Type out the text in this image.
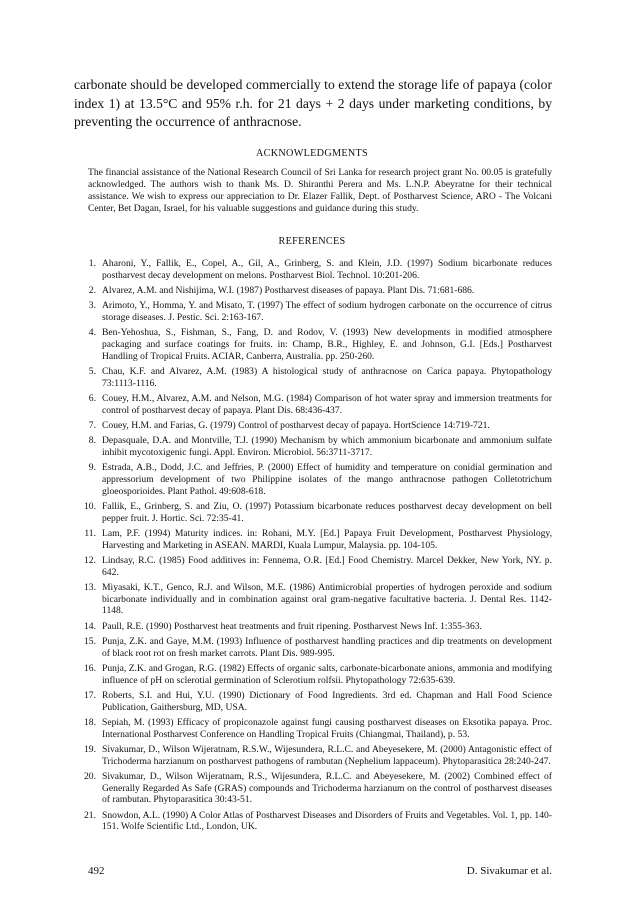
carbonate should be developed commercially to extend the storage life of papaya (color index 1) at 13.5°C and 95% r.h. for 21 days + 2 days under marketing conditions, by preventing the occurrence of anthracnose.

ACKNOWLEDGMENTS

The financial assistance of the National Research Council of Sri Lanka for research project grant No. 00.05 is gratefully acknowledged. The authors wish to thank Ms. D. Shiranthi Perera and Ms. L.N.P. Abeyratne for their technical assistance. We wish to express our appreciation to Dr. Elazer Fallik, Dept. of Postharvest Science, ARO - The Volcani Center, Bet Dagan, Israel, for his valuable suggestions and guidance during this study.

REFERENCES

1. Aharoni, Y., Fallik, E., Copel, A., Gil, A., Grinberg, S. and Klein, J.D. (1997) Sodium bicarbonate reduces postharvest decay development on melons. Postharvest Biol. Technol. 10:201-206.
2. Alvarez, A.M. and Nishijima, W.I. (1987) Postharvest diseases of papaya. Plant Dis. 71:681-686.
3. Arimoto, Y., Homma, Y. and Misato, T. (1997) The effect of sodium hydrogen carbonate on the occurrence of citrus storage diseases. J. Pestic. Sci. 2:163-167.
4. Ben-Yehoshua, S., Fishman, S., Fang, D. and Rodov, V. (1993) New developments in modified atmosphere packaging and surface coatings for fruits. in: Champ, B.R., Highley, E. and Johnson, G.I. [Eds.] Postharvest Handling of Tropical Fruits. ACIAR, Canberra, Australia. pp. 250-260.
5. Chau, K.F. and Alvarez, A.M. (1983) A histological study of anthracnose on Carica papaya. Phytopathology 73:1113-1116.
6. Couey, H.M., Alvarez, A.M. and Nelson, M.G. (1984) Comparison of hot water spray and immersion treatments for control of postharvest decay of papaya. Plant Dis. 68:436-437.
7. Couey, H.M. and Farias, G. (1979) Control of postharvest decay of papaya. HortScience 14:719-721.
8. Depasquale, D.A. and Montville, T.J. (1990) Mechanism by which ammonium bicarbonate and ammonium sulfate inhibit mycotoxigenic fungi. Appl. Environ. Microbiol. 56:3711-3717.
9. Estrada, A.B., Dodd, J.C. and Jeffries, P. (2000) Effect of humidity and temperature on conidial germination and appressorium development of two Philippine isolates of the mango anthracnose pathogen Colletotrichum gloeosporioides. Plant Pathol. 49:608-618.
10. Fallik, E., Grinberg, S. and Ziu, O. (1997) Potassium bicarbonate reduces postharvest decay development on bell pepper fruit. J. Hortic. Sci. 72:35-41.
11. Lam, P.F. (1994) Maturity indices. in: Rohani, M.Y. [Ed.] Papaya Fruit Development, Postharvest Physiology, Harvesting and Marketing in ASEAN. MARDI, Kuala Lumpur, Malaysia. pp. 104-105.
12. Lindsay, R.C. (1985) Food additives in: Fennema, O.R. [Ed.] Food Chemistry. Marcel Dekker, New York, NY. p. 642.
13. Miyasaki, K.T., Genco, R.J. and Wilson, M.E. (1986) Antimicrobial properties of hydrogen peroxide and sodium bicarbonate individually and in combination against oral gram-negative facultative bacteria. J. Dental Res. 1142-1148.
14. Paull, R.E. (1990) Postharvest heat treatments and fruit ripening. Postharvest News Inf. 1:355-363.
15. Punja, Z.K. and Gaye, M.M. (1993) Influence of postharvest handling practices and dip treatments on development of black root rot on fresh market carrots. Plant Dis. 989-995.
16. Punja, Z.K. and Grogan, R.G. (1982) Effects of organic salts, carbonate-bicarbonate anions, ammonia and modifying influence of pH on sclerotial germination of Sclerotium rolfsii. Phytopathology 72:635-639.
17. Roberts, S.I. and Hui, Y.U. (1990) Dictionary of Food Ingredients. 3rd ed. Chapman and Hall Food Science Publication, Gaithersburg, MD, USA.
18. Sepiah, M. (1993) Efficacy of propiconazole against fungi causing postharvest diseases on Eksotika papaya. Proc. International Postharvest Conference on Handling Tropical Fruits (Chiangmai, Thailand), p. 53.
19. Sivakumar, D., Wilson Wijeratnam, R.S.W., Wijesundera, R.L.C. and Abeyesekere, M. (2000) Antagonistic effect of Trichoderma harzianum on postharvest pathogens of rambutan (Nephelium lappaceum). Phytoparasitica 28:240-247.
20. Sivakumar, D., Wilson Wijeratnam, R.S., Wijesundera, R.L.C. and Abeyesekere, M. (2002) Combined effect of Generally Regarded As Safe (GRAS) compounds and Trichoderma harzianum on the control of postharvest diseases of rambutan. Phytoparasitica 30:43-51.
21. Snowdon, A.L. (1990) A Color Atlas of Postharvest Diseases and Disorders of Fruits and Vegetables. Vol. 1, pp. 140-151. Wolfe Scientific Ltd., London, UK.

492	D. Sivakumar et al.
